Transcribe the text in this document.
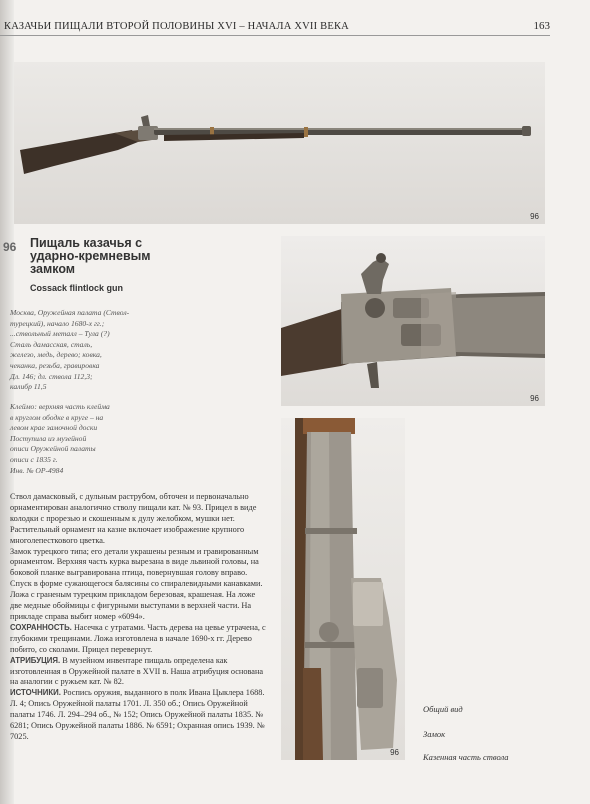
КАЗАЧЬИ ПИЩАЛИ ВТОРОЙ ПОЛОВИНЫ XVI – НАЧАЛА XVII ВЕКА	163
96
96 Пищаль казачья с ударно-кремневым замком
Cossack flintlock gun
Москва, Оружейная палата (Ствол-
турецкий), начало 1680-х гг.;
...ствольный металл – Тула (?)
Сталь дамасская, сталь,
железо, медь, дерево; ковка,
чеканка, резьба, гравировка
Дл. 146; дл. ствола 112,3;
калибр 11,5
Клеймо: верхняя часть клейма
в круглом ободке в круге – на
левом крае замочной доски
Поступила из музейной
описи Оружейной палаты
описи с 1835 г.
Инв. № ОР-4984
96

Ствол дамасковый, с дульным раструбом, обточен и первоначально орнаментирован аналогично стволу пищали кат. № 93. Прицел в виде колодки с прорезью и скошенным к дулу желобком, мушки нет. Растительный орнамент на казне включает изображение крупного многолепесткового цветка.

Замок турецкого типа; его детали украшены резным и гравированным орнаментом. Верхняя часть курка вырезана в виде львиной головы, на боковой планке выгравирована птица, повернувшая голову вправо. Спуск в форме сужающегося балясины со спиралевидными канавками.

Ложа с граненым турецким прикладом березовая, крашеная. На ложе две медные обоймицы с фигурными выступами в верхней части. На прикладе справа выбит номер «6094».

СОХРАННОСТЬ. Насечка с утратами. Часть дерева на цевье утрачена, с глубокими трещинами. Ложа изготовлена в начале 1690-х гг. Дерево побито, со сколами. Прицел перевернут.

АТРИБУЦИЯ. В музейном инвентаре пищаль определена как изготовленная в Оружейной палате в XVII в. Наша атрибуция основана на аналогии с ружьем кат. № 82.

ИСТОЧНИКИ. Роспись оружия, выданного в полк Ивана Цыклера 1688. Л. 4; Опись Оружейной палаты 1701. Л. 350 об.; Опись Оружейной палаты 1746. Л. 294–294 об., № 152; Опись Оружейной палаты 1835. № 6281; Опись Оружейной палаты 1886. № 6591; Охранная опись 1939. № 7025.

96
Общий вид
Замок
Казенная часть ствола
